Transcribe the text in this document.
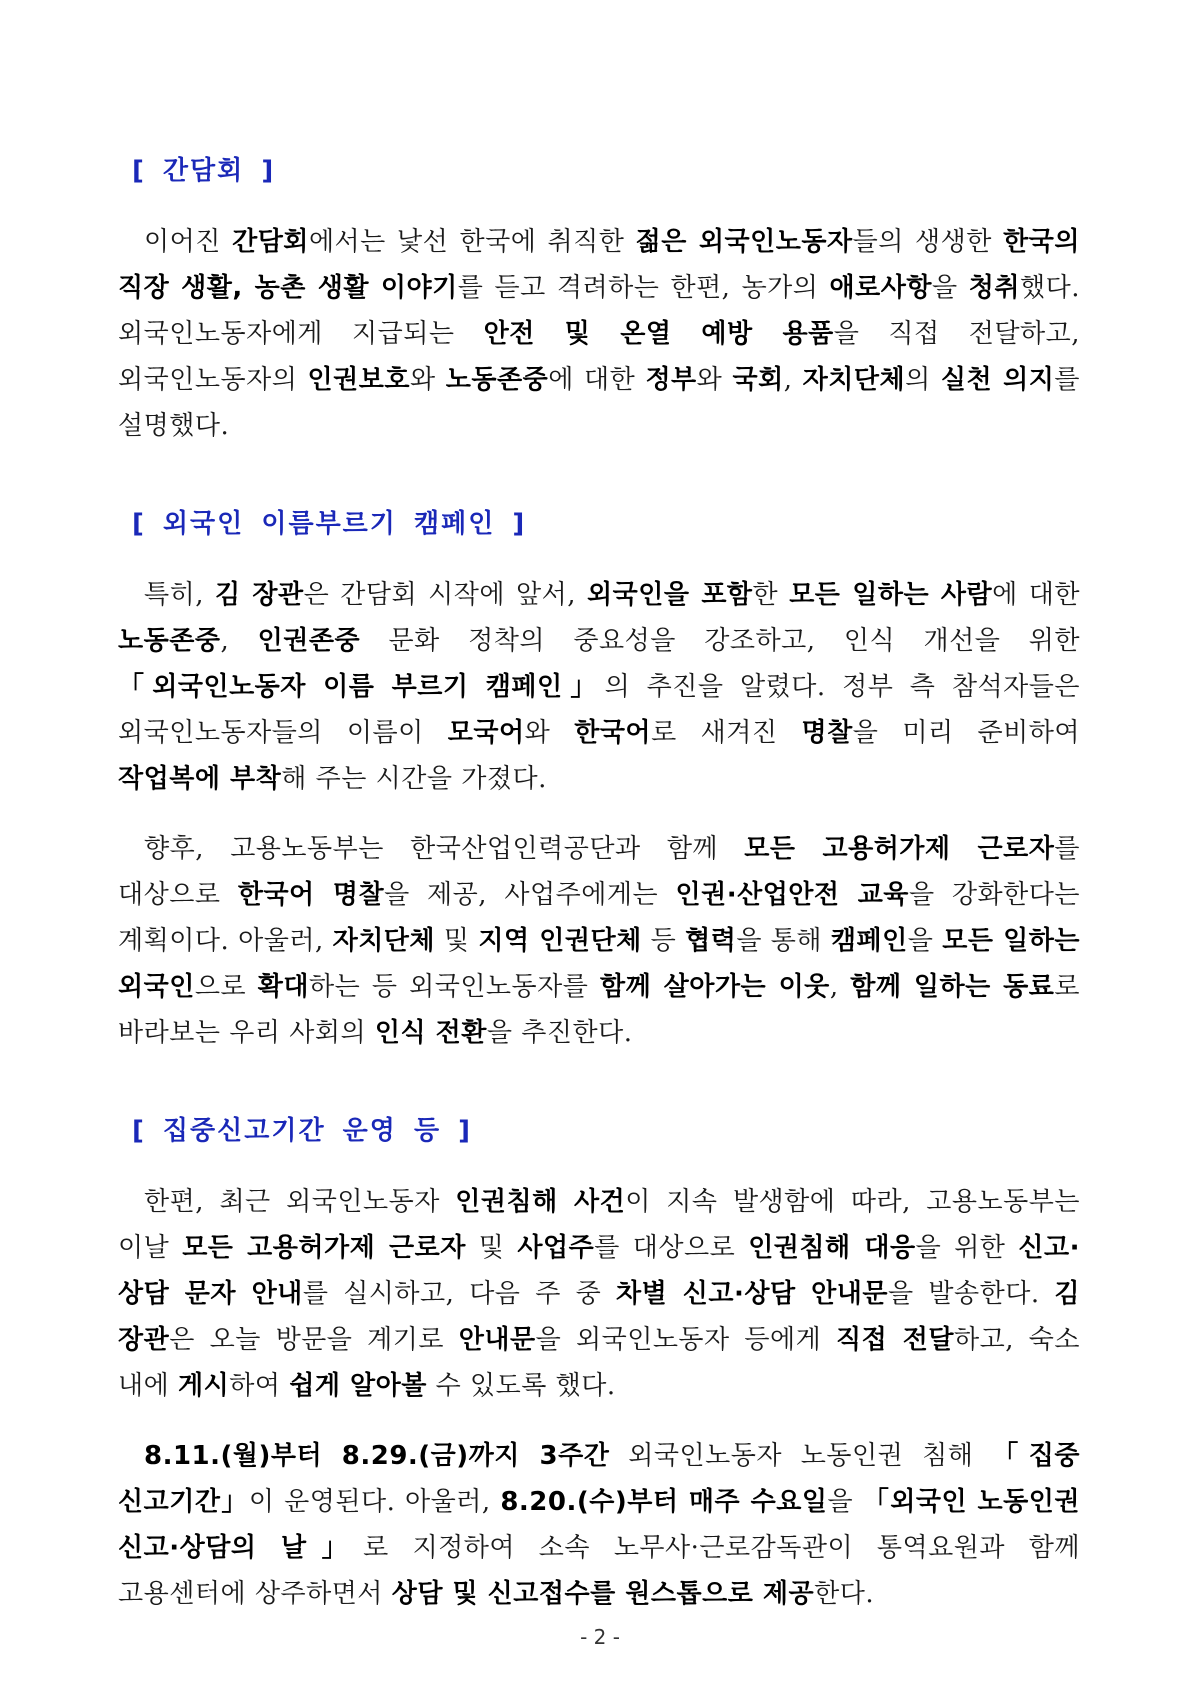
[ 간담회 ]

이어진 간담회에서는 낯선 한국에 취직한 젊은 외국인노동자들의 생생한 한국의 직장 생활, 농촌 생활 이야기를 듣고 격려하는 한편, 농가의 애로사항을 청취했다. 외국인노동자에게 지급되는 안전 및 온열 예방 용품을 직접 전달하고, 외국인노동자의 인권보호와 노동존중에 대한 정부와 국회, 자치단체의 실천 의지를 설명했다.

[ 외국인 이름부르기 캠페인 ]

특히, 김 장관은 간담회 시작에 앞서, 외국인을 포함한 모든 일하는 사람에 대한 노동존중, 인권존중 문화 정착의 중요성을 강조하고, 인식 개선을 위한 「외국인노동자 이름 부르기 캠페인」의 추진을 알렸다. 정부 측 참석자들은 외국인노동자들의 이름이 모국어와 한국어로 새겨진 명찰을 미리 준비하여 작업복에 부착해 주는 시간을 가졌다.

향후, 고용노동부는 한국산업인력공단과 함께 모든 고용허가제 근로자를 대상으로 한국어 명찰을 제공, 사업주에게는 인권·산업안전 교육을 강화한다는 계획이다. 아울러, 자치단체 및 지역 인권단체 등 협력을 통해 캠페인을 모든 일하는 외국인으로 확대하는 등 외국인노동자를 함께 살아가는 이웃, 함께 일하는 동료로 바라보는 우리 사회의 인식 전환을 추진한다.

[ 집중신고기간 운영 등 ]

한편, 최근 외국인노동자 인권침해 사건이 지속 발생함에 따라, 고용노동부는 이날 모든 고용허가제 근로자 및 사업주를 대상으로 인권침해 대응을 위한 신고·상담 문자 안내를 실시하고, 다음 주 중 차별 신고·상담 안내문을 발송한다. 김 장관은 오늘 방문을 계기로 안내문을 외국인노동자 등에게 직접 전달하고, 숙소 내에 게시하여 쉽게 알아볼 수 있도록 했다.

8.11.(월)부터 8.29.(금)까지 3주간 외국인노동자 노동인권 침해 「집중 신고기간」이 운영된다. 아울러, 8.20.(수)부터 매주 수요일을 「외국인 노동인권 신고·상담의 날」로 지정하여 소속 노무사·근로감독관이 통역요원과 함께 고용센터에 상주하면서 상담 및 신고접수를 원스톱으로 제공한다.

- 2 -
